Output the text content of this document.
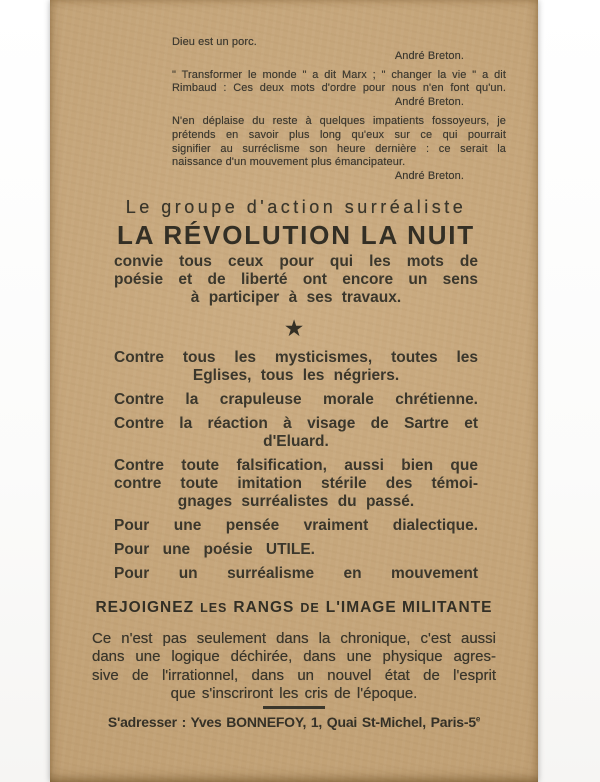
Dieu est un porc.
André Breton.
" Transformer le monde " a dit Marx ; " changer la vie " a dit
Rimbaud : Ces deux mots d'ordre pour nous n'en font qu'un.
André Breton.
N'en déplaise du reste à quelques impatients fossoyeurs, je
prétends en savoir plus long qu'eux sur ce qui pourrait
signifier au surréclisme son heure dernière : ce serait la
naissance d'un mouvement plus émancipateur.
André Breton.
Le groupe d'action surréaliste
LA RÉVOLUTION LA NUIT
convie tous ceux pour qui les mots de
poésie et de liberté ont encore un sens
à participer à ses travaux.
★
Contre tous les mysticismes, toutes les
Eglises, tous les négriers.
Contre la crapuleuse morale chrétienne.
Contre la réaction à visage de Sartre et
d'Eluard.
Contre toute falsification, aussi bien que
contre toute imitation stérile des témoi-
gnages surréalistes du passé.
Pour une pensée vraiment dialectique.
Pour une poésie UTILE.
Pour un surréalisme en mouvement
REJOIGNEZ LES RANGS DE L'IMAGE MILITANTE
Ce n'est pas seulement dans la chronique, c'est aussi
dans une logique déchirée, dans une physique agres-
sive de l'irrationnel, dans un nouvel état de l'esprit
que s'inscriront les cris de l'époque.
S'adresser : Yves BONNEFOY, 1, Quai St-Michel, Paris-5e
